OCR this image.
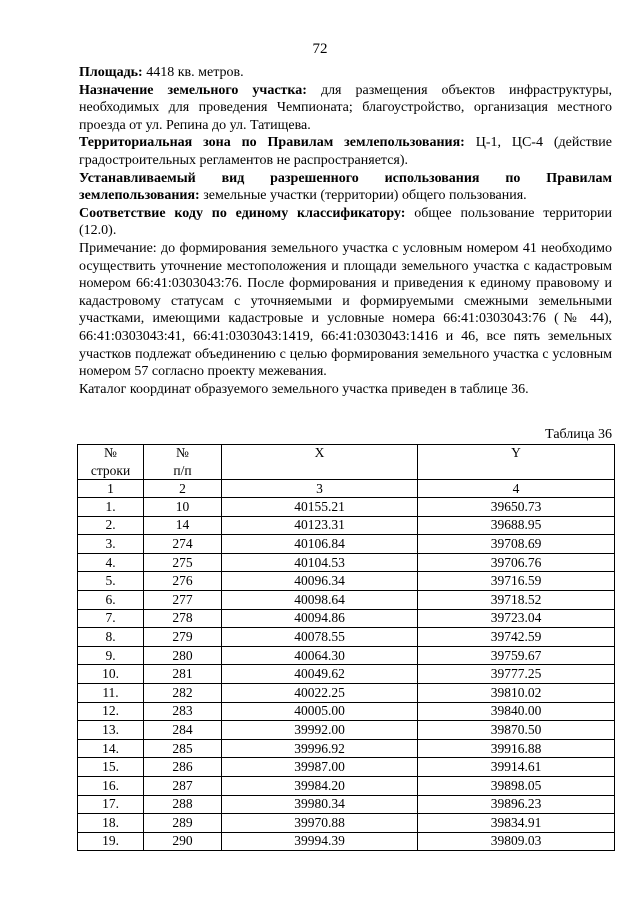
72

Площадь: 4418 кв. метров.

Назначение земельного участка: для размещения объектов инфраструктуры, необходимых для проведения Чемпионата; благоустройство, организация местного проезда от ул. Репина до ул. Татищева.

Территориальная зона по Правилам землепользования: Ц-1, ЦС-4 (действие градостроительных регламентов не распространяется).

Устанавливаемый вид разрешенного использования по Правилам землепользования: земельные участки (территории) общего пользования.

Соответствие коду по единому классификатору: общее пользование территории (12.0).

Примечание: до формирования земельного участка с условным номером 41 необходимо осуществить уточнение местоположения и площади земельного участка с кадастровым номером 66:41:0303043:76. После формирования и приведения к единому правовому и кадастровому статусам с уточняемыми и формируемыми смежными земельными участками, имеющими кадастровые и условные номера 66:41:0303043:76 (№ 44), 66:41:0303043:41, 66:41:0303043:1419, 66:41:0303043:1416 и 46, все пять земельных участков подлежат объединению с целью формирования земельного участка с условным номером 57 согласно проекту межевания.

Каталог координат образуемого земельного участка приведен в таблице 36.

Таблица 36
№	№	X	Y
строки	п/п		
1	2	3	4
1.	10	40155.21	39650.73
2.	14	40123.31	39688.95
3.	274	40106.84	39708.69
4.	275	40104.53	39706.76
5.	276	40096.34	39716.59
6.	277	40098.64	39718.52
7.	278	40094.86	39723.04
8.	279	40078.55	39742.59
9.	280	40064.30	39759.67
10.	281	40049.62	39777.25
11.	282	40022.25	39810.02
12.	283	40005.00	39840.00
13.	284	39992.00	39870.50
14.	285	39996.92	39916.88
15.	286	39987.00	39914.61
16.	287	39984.20	39898.05
17.	288	39980.34	39896.23
18.	289	39970.88	39834.91
19.	290	39994.39	39809.03
